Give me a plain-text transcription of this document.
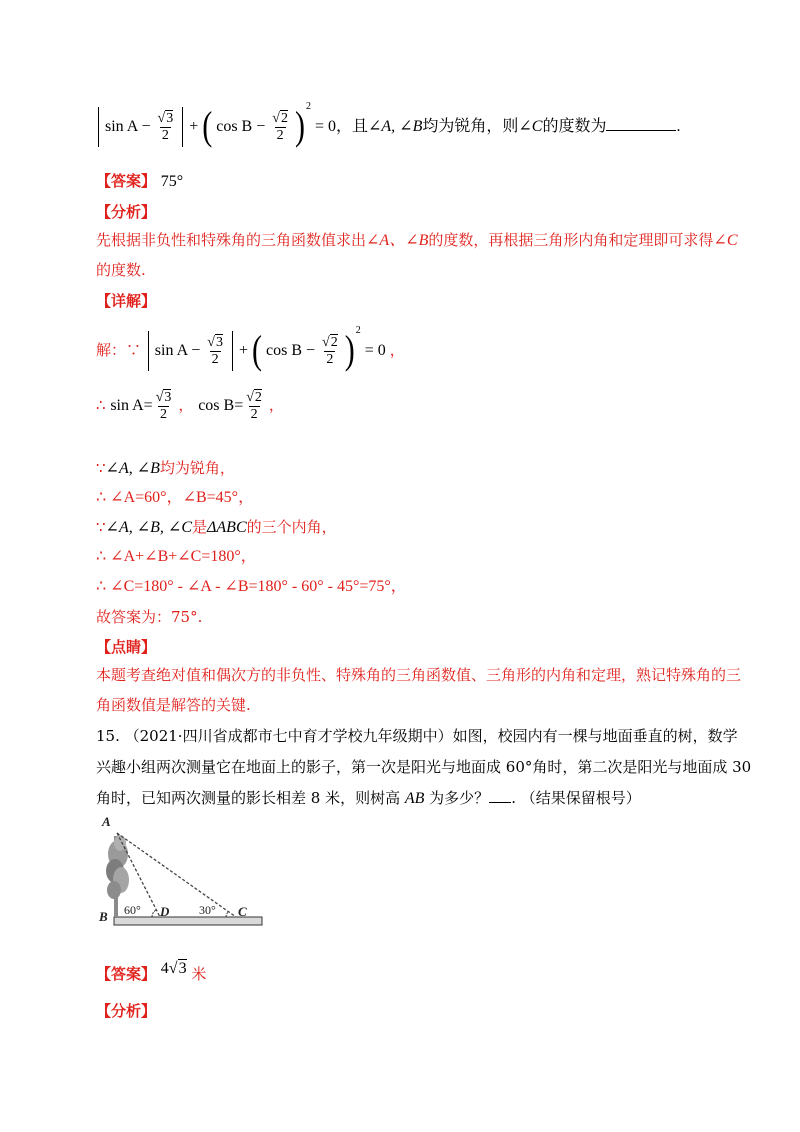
$\sin A - \frac{√3}{2}$ + ( $\cos B - \frac{√2}{2} )^2 = 0$，且∠A, ∠B均为锐角，则∠C的度数为	.
【答案】 75°
【分析】
先根据非负性和特殊角的三角函数值求出∠A、∠B的度数，再根据三角形内角和定理即可求得∠C
的度数.
【详解】
解：∵ $\sin A - \frac{√3}{2}$ + ( $\cos B - \frac{√2}{2} )^2 = 0$ ，
∴ $\sin A= \frac{√3}{2}$ ， $\cos B= \frac{√2}{2}$ ，
∵∠A, ∠B均为锐角，
∴ ∠A=60°，∠B=45°，
∵∠A, ∠B, ∠C是ΔABC的三个内角，
∴ ∠A+∠B+∠C=180°，
∴ ∠C=180° - ∠A - ∠B=180° - 60° - 45°=75°，
故答案为：75°.
【点睛】
本题考查绝对值和偶次方的非负性、特殊角的三角函数值、三角形的内角和定理，熟记特殊角的三
角函数值是解答的关键.
15. （2021·四川省成都市七中育才学校九年级期中）如图，校园内有一棵与地面垂直的树，数学
兴趣小组两次测量它在地面上的影子，第一次是阳光与地面成 60°角时，第二次是阳光与地面成 30
角时，已知两次测量的影长相差 8 米，则树高 AB 为多少？ . （结果保留根号）
A
B	D	C
60°	30°
【答案】 4√3 米
【分析】
